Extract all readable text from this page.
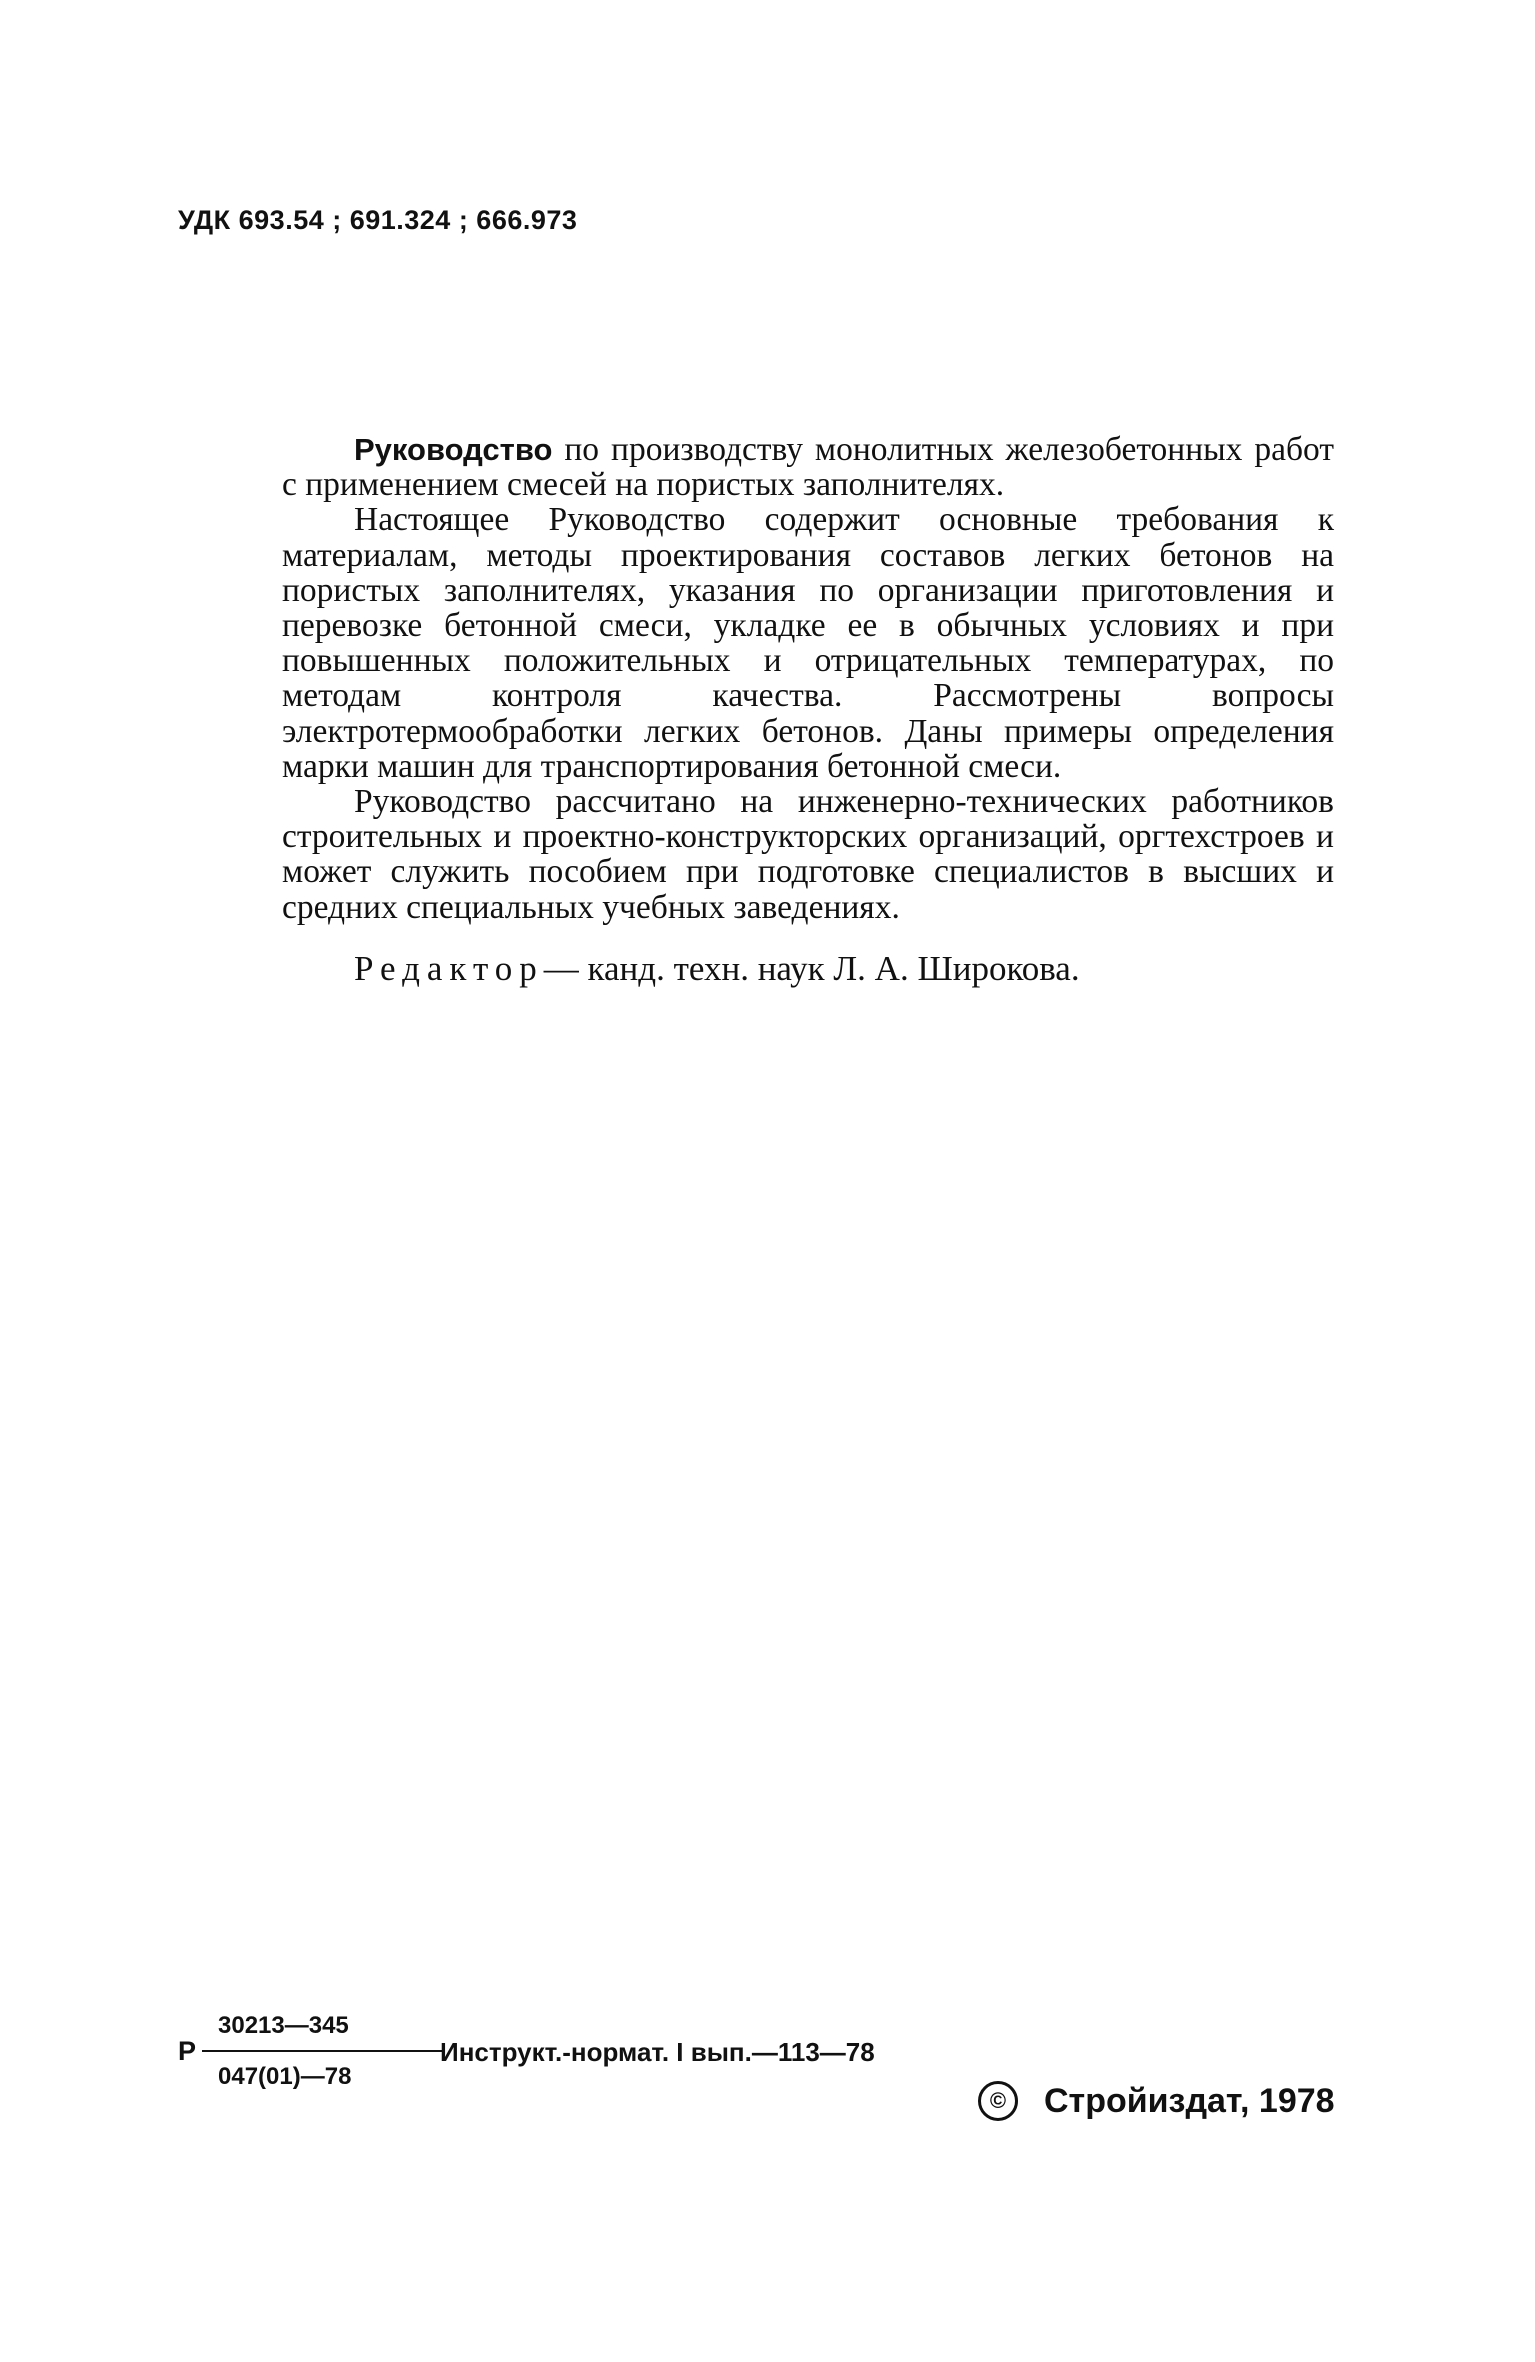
УДК 693.54 ; 691.324 ; 666.973

Руководство по производству монолитных железобетонных работ с применением смесей на пористых заполнителях.

Настоящее Руководство содержит основные требования к материалам, методы проектирования составов легких бетонов на пористых заполнителях, указания по организации приготовления и перевозке бетонной смеси, укладке ее в обычных условиях и при повышенных положительных и отрицательных температурах, по методам контроля качества. Рассмотрены вопросы электротермообработки легких бетонов. Даны примеры определения марки машин для транспортирования бетонной смеси.

Руководство рассчитано на инженерно-технических работников строительных и проектно-конструкторских организаций, оргтехстроев и может служить пособием при подготовке специалистов в высших и средних специальных учебных заведениях.

Редактор— канд. техн. наук Л. А. Широкова.

Р
30213—345
047(01)—78
Инструкт.-нормат. I вып.—113—78
©	Стройиздат, 1978
